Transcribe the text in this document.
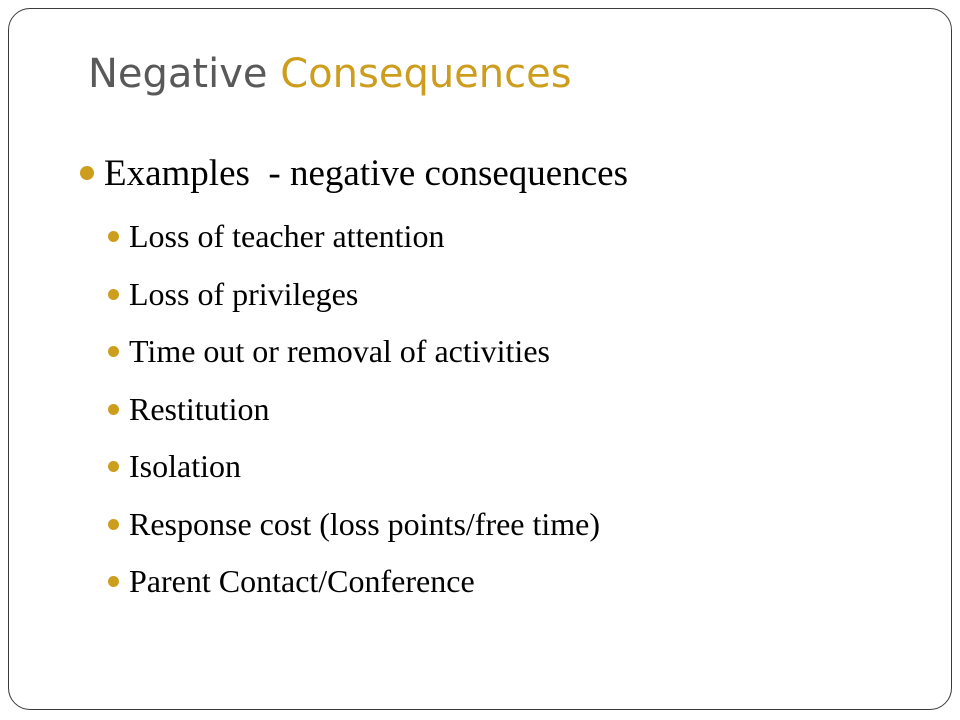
Negative Consequences
Examples  - negative consequences
Loss of teacher attention
Loss of privileges
Time out or removal of activities
Restitution
Isolation
Response cost (loss points/free time)
Parent Contact/Conference
